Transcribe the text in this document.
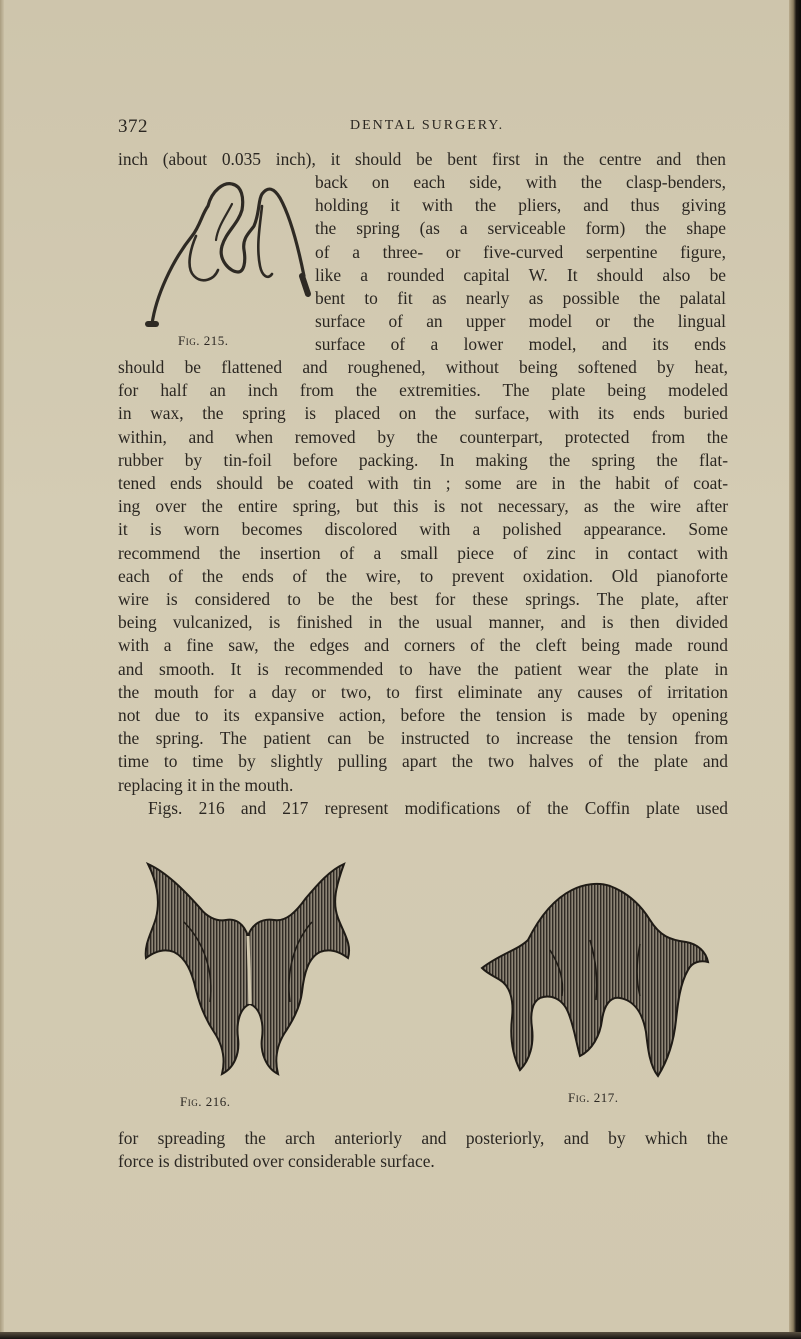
372	DENTAL SURGERY.
inch (about 0.035 inch), it should be bent first in the centre and then
back on each side, with the clasp-benders,
holding it with the pliers, and thus giving
the spring (as a serviceable form) the shape
of a three- or five-curved serpentine figure,
like a rounded capital W. It should also be
bent to fit as nearly as possible the palatal
surface of an upper model or the lingual
surface of a lower model, and its ends
Fig. 215.
should be flattened and roughened, without being softened by heat,
for half an inch from the extremities. The plate being modeled
in wax, the spring is placed on the surface, with its ends buried
within, and when removed by the counterpart, protected from the
rubber by tin-foil before packing. In making the spring the flat-
tened ends should be coated with tin ; some are in the habit of coat-
ing over the entire spring, but this is not necessary, as the wire after
it is worn becomes discolored with a polished appearance. Some
recommend the insertion of a small piece of zinc in contact with
each of the ends of the wire, to prevent oxidation. Old pianoforte
wire is considered to be the best for these springs. The plate, after
being vulcanized, is finished in the usual manner, and is then divided
with a fine saw, the edges and corners of the cleft being made round
and smooth. It is recommended to have the patient wear the plate in
the mouth for a day or two, to first eliminate any causes of irritation
not due to its expansive action, before the tension is made by opening
the spring. The patient can be instructed to increase the tension from
time to time by slightly pulling apart the two halves of the plate and
replacing it in the mouth.
Figs. 216 and 217 represent modifications of the Coffin plate used
Fig. 216.	Fig. 217.
for spreading the arch anteriorly and posteriorly, and by which the
force is distributed over considerable surface.
